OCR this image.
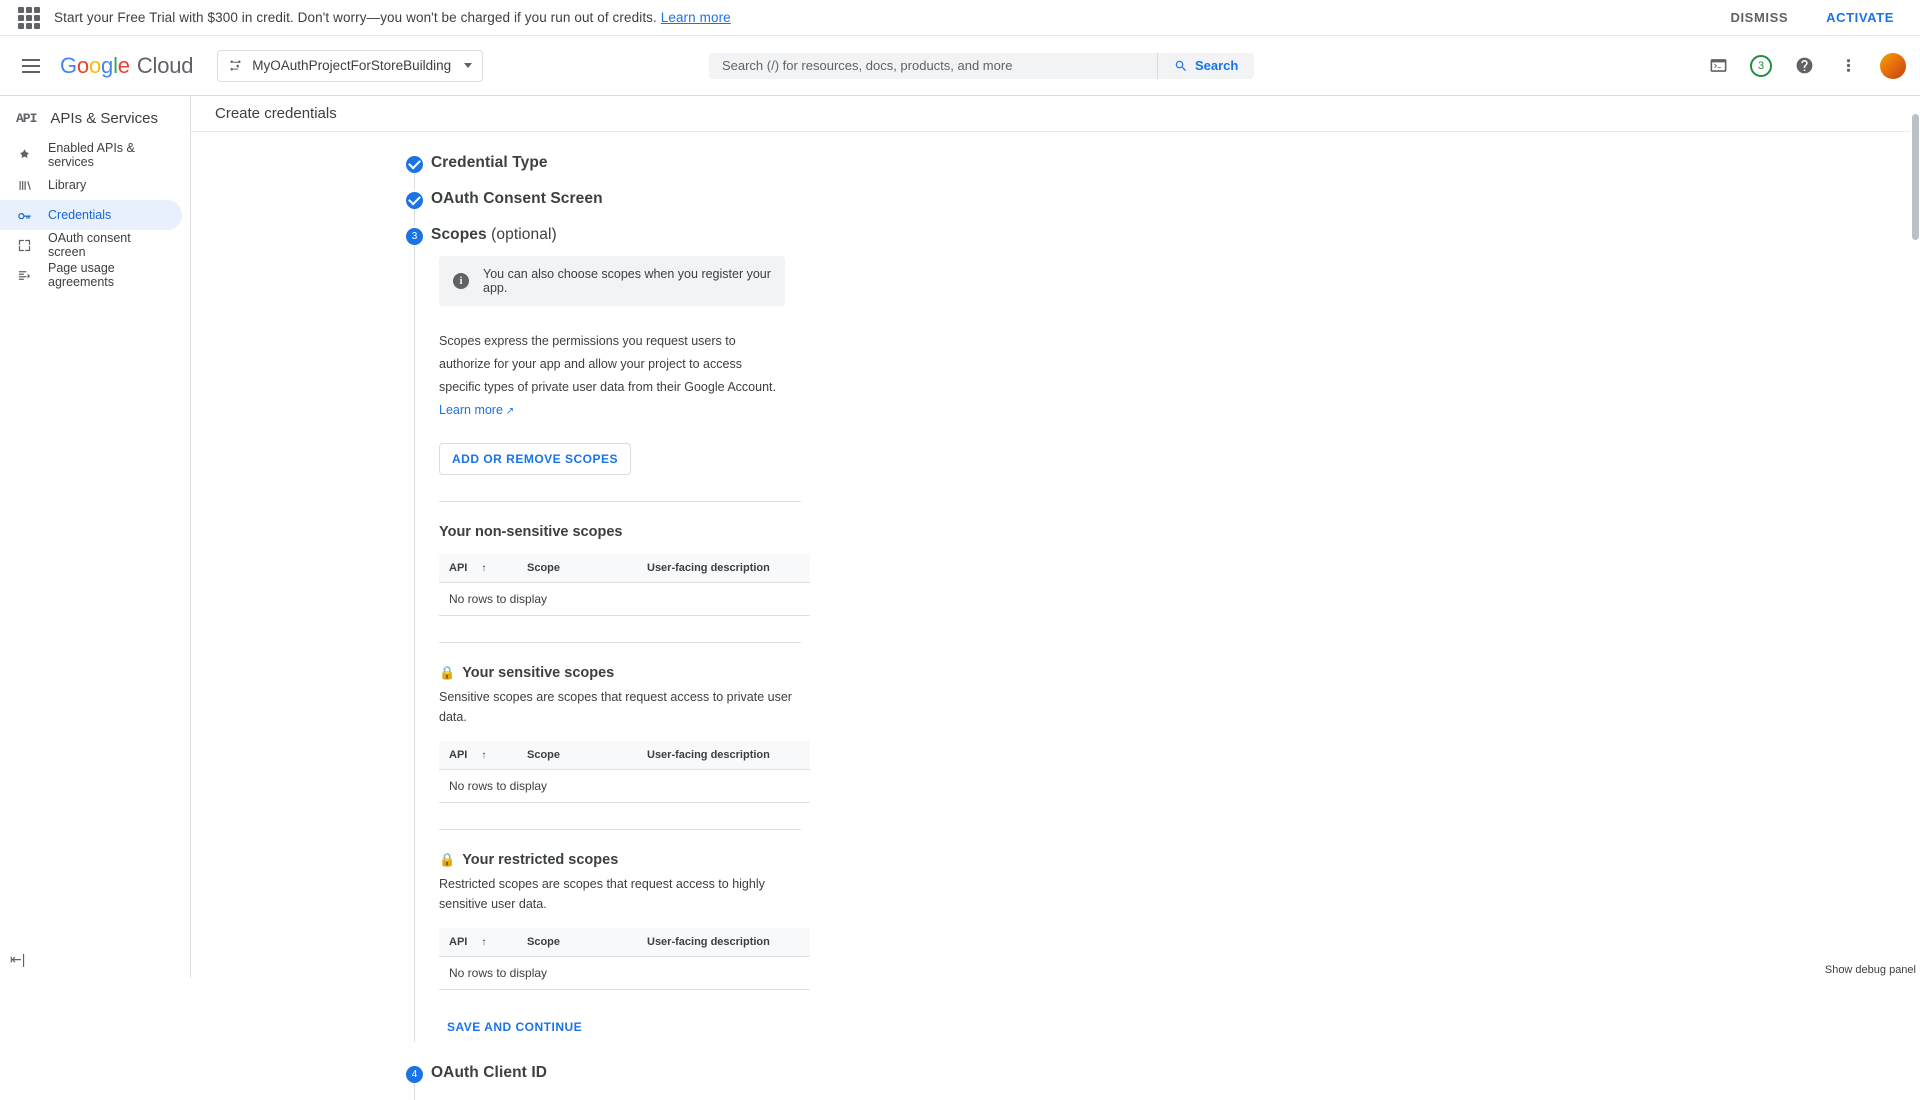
Start your Free Trial with $300 in credit. Don't worry—you won't be charged if you run out of credits. Learn more	DISMISS	ACTIVATE
Google Cloud	MyOAuthProjectForStoreBuilding	Search (/) for resources, docs, products, and more	Search	3
API APIs & Services
Enabled APIs & services
Library
Credentials
OAuth consent screen
Page usage agreements
⇤|
Create credentials
Credential Type
OAuth Consent Screen
3 Scopes (optional)
i	You can also choose scopes when you register your app.
Scopes express the permissions you request users to authorize for your app and allow your project to access specific types of private user data from their Google Account. Learn more ↗
ADD OR REMOVE SCOPES
Your non-sensitive scopes
API ↑	Scope	User-facing description
No rows to display
🔒 Your sensitive scopes
Sensitive scopes are scopes that request access to private user data.
API ↑	Scope	User-facing description
No rows to display
🔒 Your restricted scopes
Restricted scopes are scopes that request access to highly sensitive user data.
API ↑	Scope	User-facing description
No rows to display
SAVE AND CONTINUE
4 OAuth Client ID
Show debug panel
